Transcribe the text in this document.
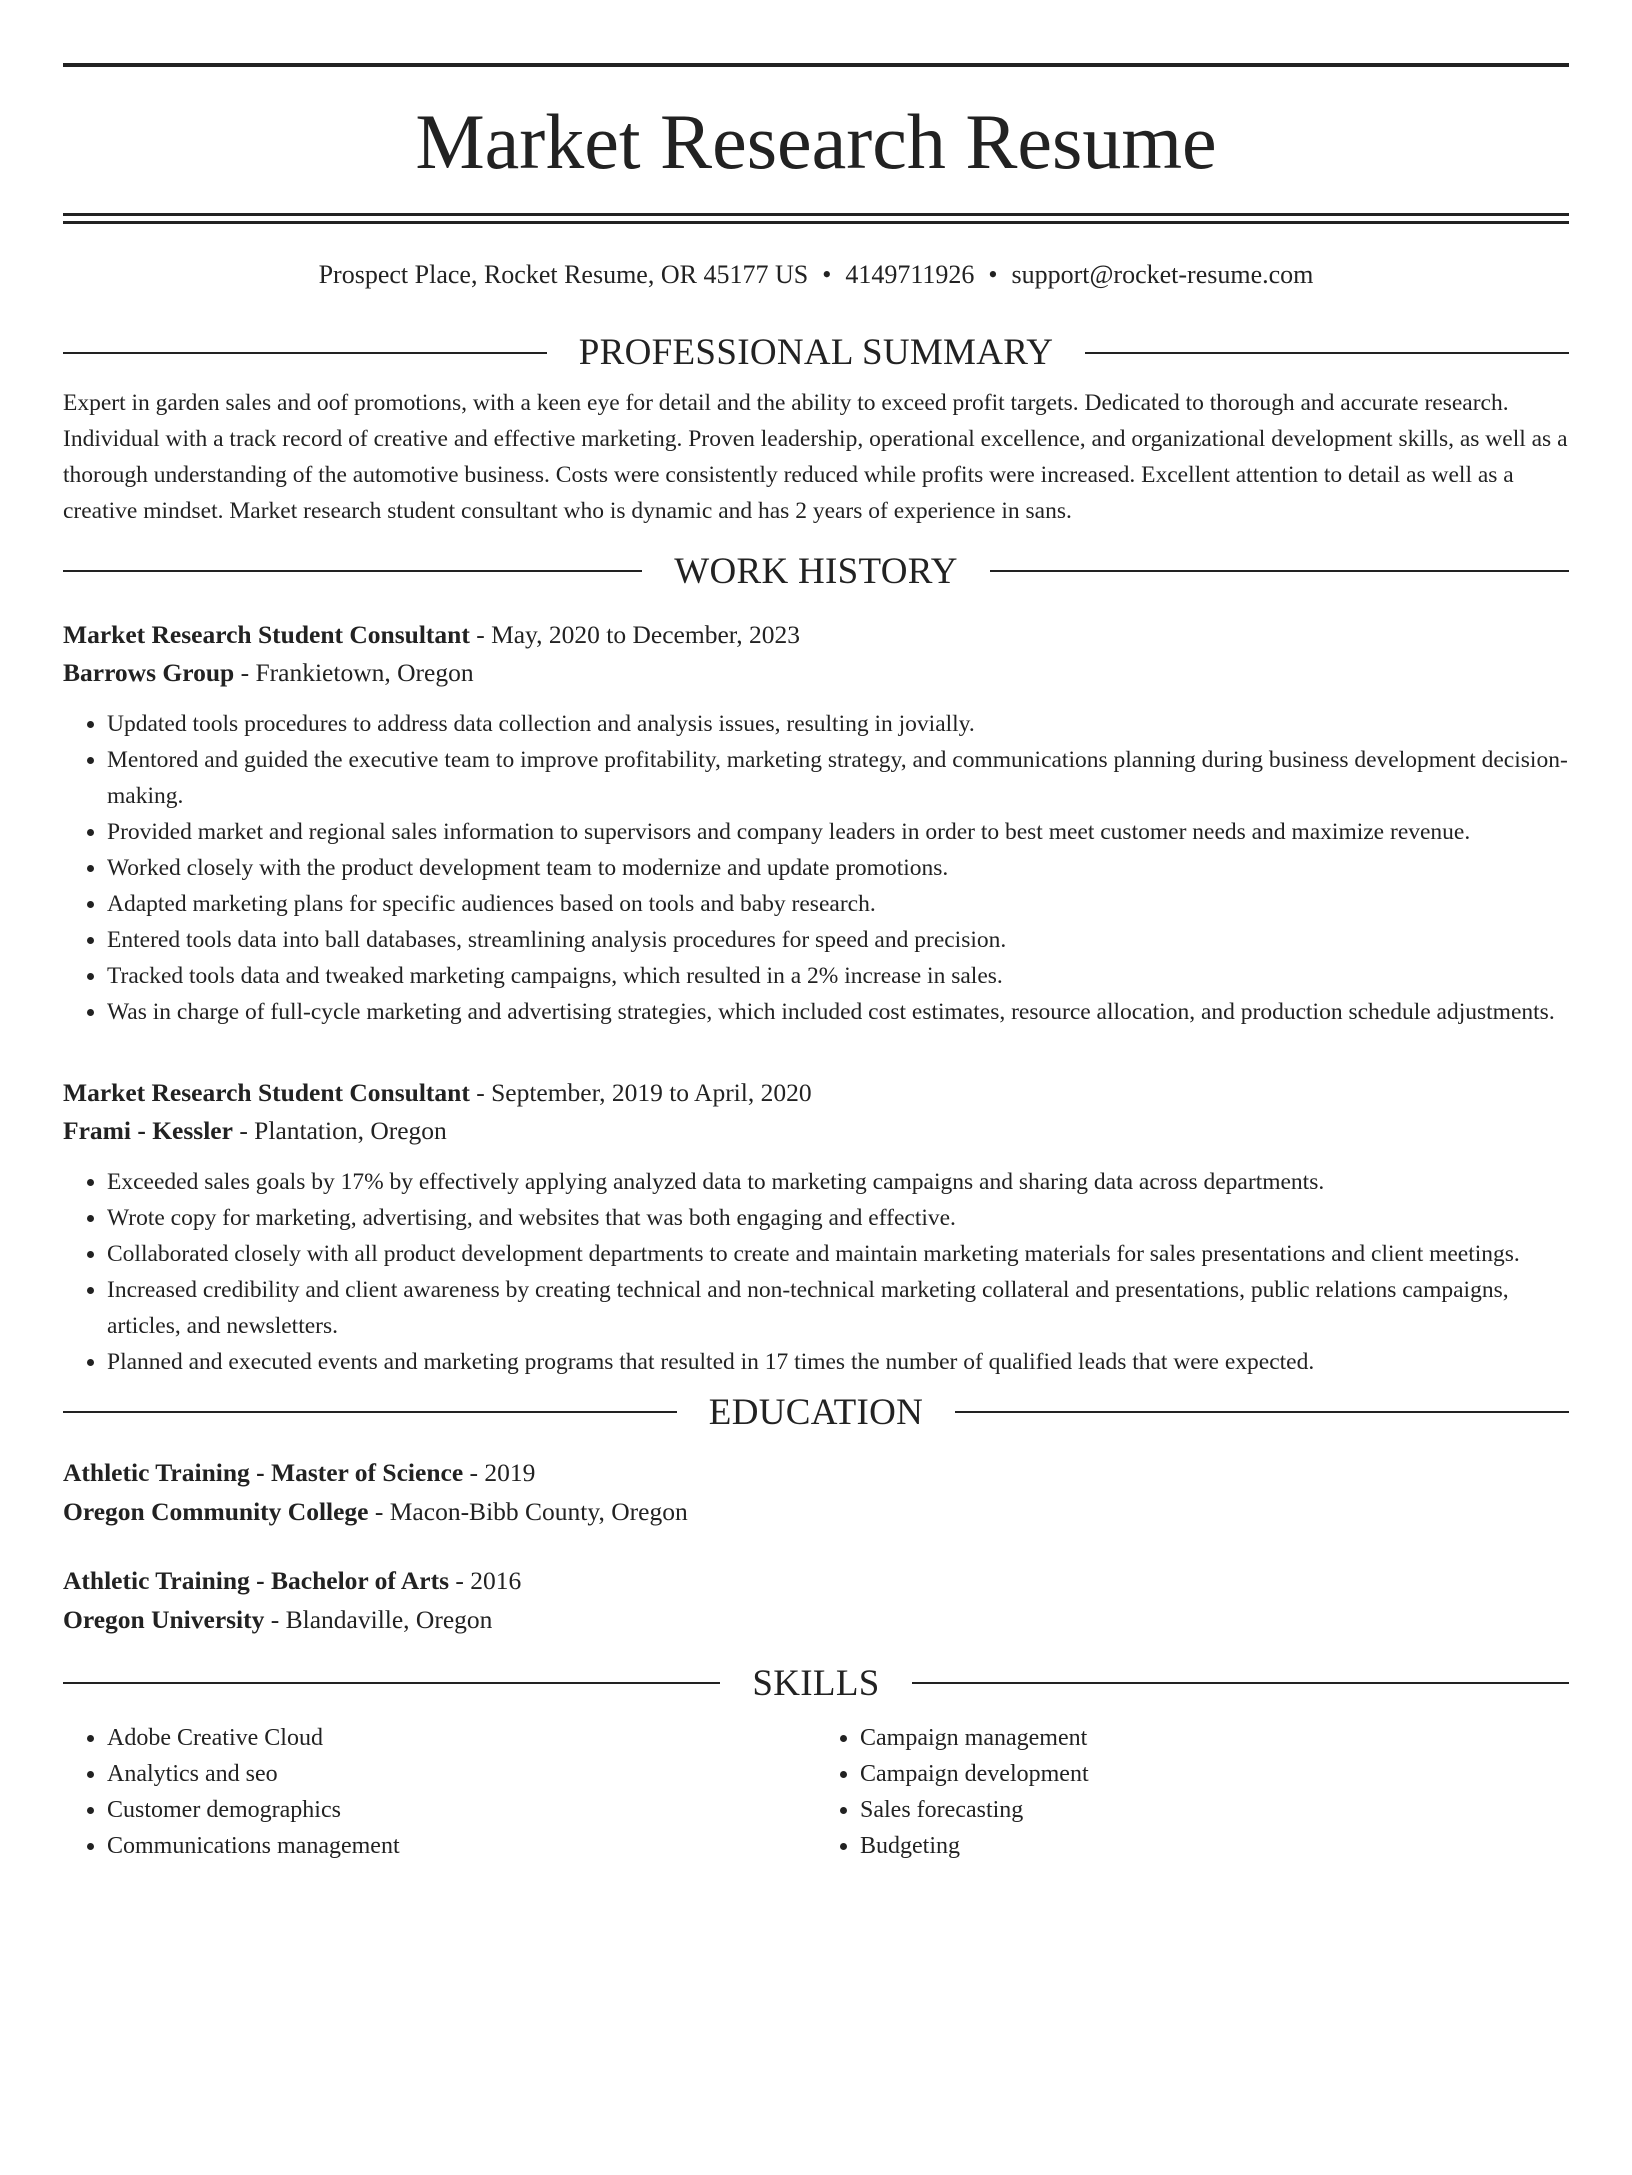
Market Research Resume
Prospect Place, Rocket Resume, OR 45177 US • 4149711926 • support@rocket-resume.com
PROFESSIONAL SUMMARY

Expert in garden sales and oof promotions, with a keen eye for detail and the ability to exceed profit targets. Dedicated to thorough and accurate research. Individual with a track record of creative and effective marketing. Proven leadership, operational excellence, and organizational development skills, as well as a thorough understanding of the automotive business. Costs were consistently reduced while profits were increased. Excellent attention to detail as well as a creative mindset. Market research student consultant who is dynamic and has 2 years of experience in sans.

WORK HISTORY
Market Research Student Consultant - May, 2020 to December, 2023
Barrows Group - Frankietown, Oregon
• Updated tools procedures to address data collection and analysis issues, resulting in jovially.
• Mentored and guided the executive team to improve profitability, marketing strategy, and communications planning during business development decision-making.
• Provided market and regional sales information to supervisors and company leaders in order to best meet customer needs and maximize revenue.
• Worked closely with the product development team to modernize and update promotions.
• Adapted marketing plans for specific audiences based on tools and baby research.
• Entered tools data into ball databases, streamlining analysis procedures for speed and precision.
• Tracked tools data and tweaked marketing campaigns, which resulted in a 2% increase in sales.
• Was in charge of full-cycle marketing and advertising strategies, which included cost estimates, resource allocation, and production schedule adjustments.
Market Research Student Consultant - September, 2019 to April, 2020
Frami - Kessler - Plantation, Oregon
• Exceeded sales goals by 17% by effectively applying analyzed data to marketing campaigns and sharing data across departments.
• Wrote copy for marketing, advertising, and websites that was both engaging and effective.
• Collaborated closely with all product development departments to create and maintain marketing materials for sales presentations and client meetings.
• Increased credibility and client awareness by creating technical and non-technical marketing collateral and presentations, public relations campaigns, articles, and newsletters.
• Planned and executed events and marketing programs that resulted in 17 times the number of qualified leads that were expected.
EDUCATION
Athletic Training - Master of Science - 2019
Oregon Community College - Macon-Bibb County, Oregon
Athletic Training - Bachelor of Arts - 2016
Oregon University - Blandaville, Oregon
SKILLS
• Adobe Creative Cloud
• Analytics and seo
• Customer demographics
• Communications management
• Campaign management
• Campaign development
• Sales forecasting
• Budgeting
